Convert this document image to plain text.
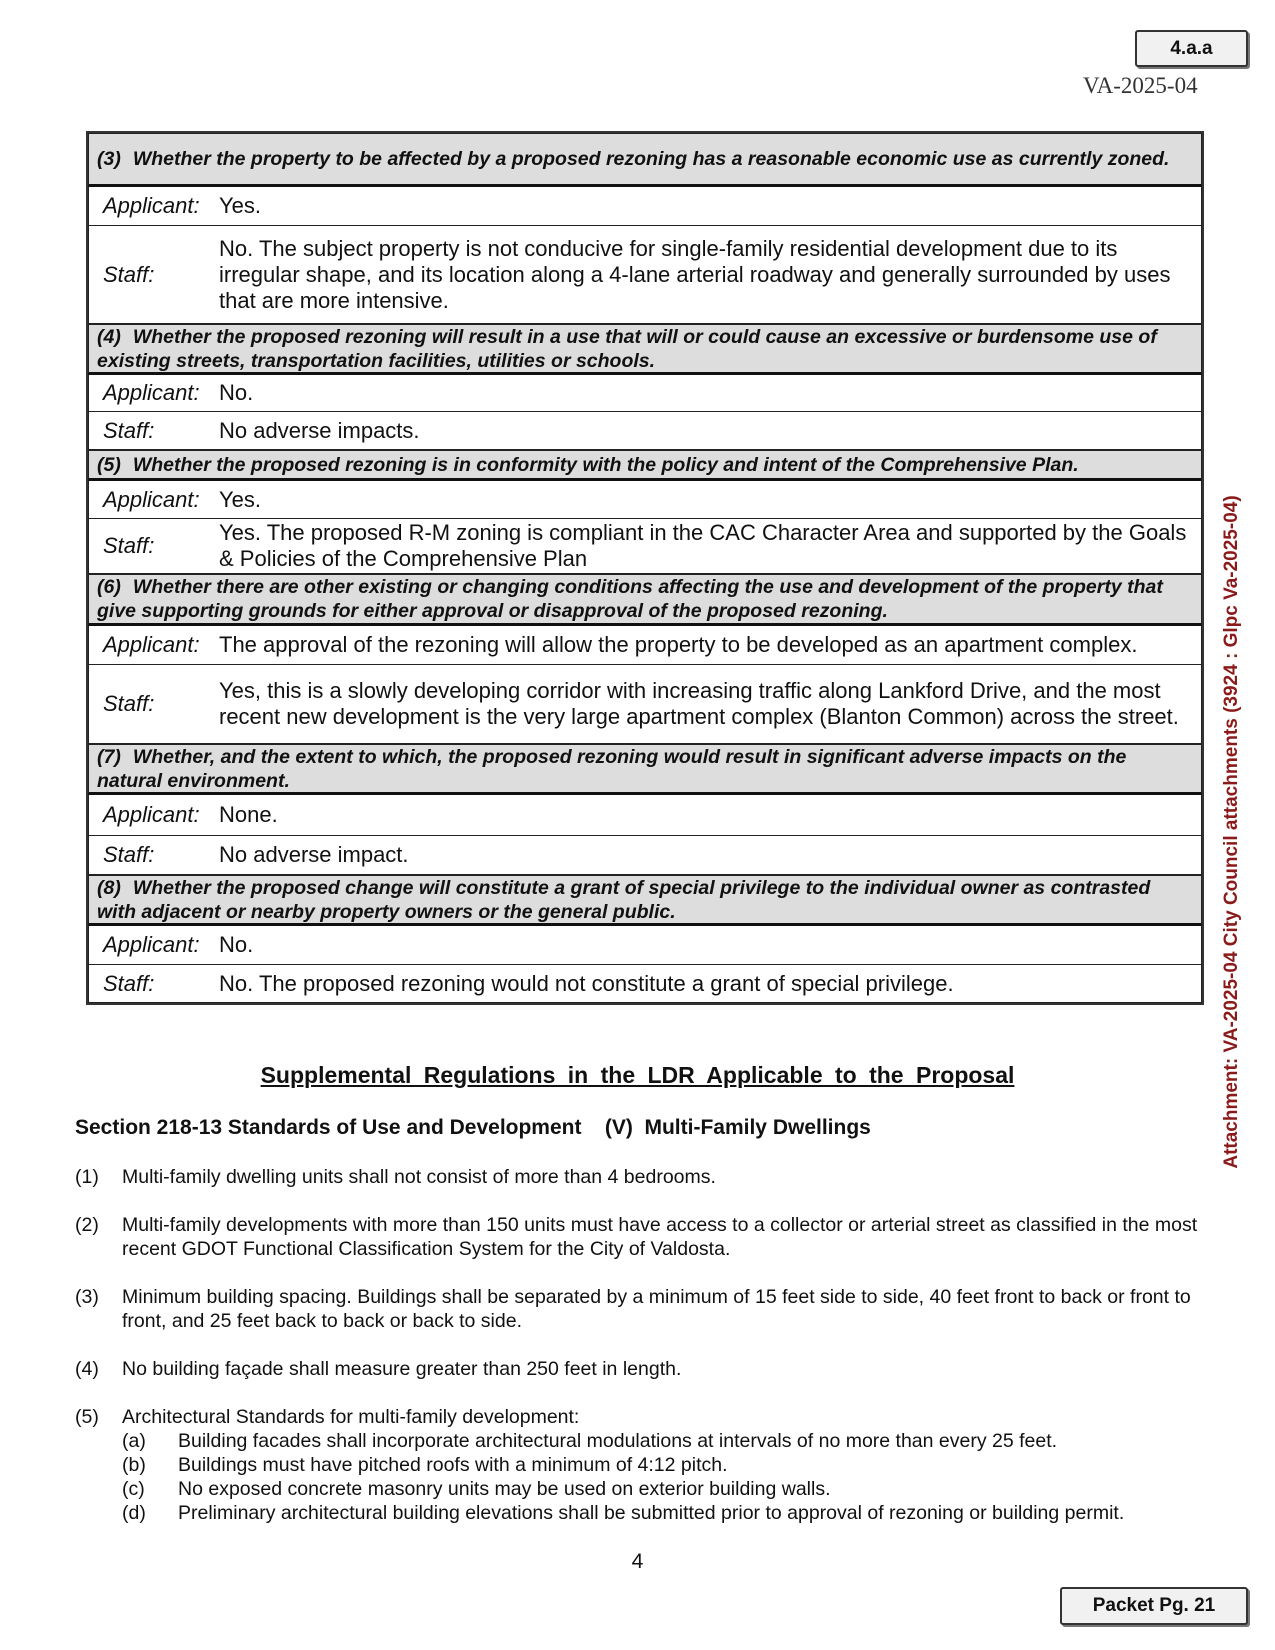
4.a.a
VA-2025-04
Attachment: VA-2025-04 City Council attachments (3924 : Glpc Va-2025-04)
(3) Whether the property to be affected by a proposed rezoning has a reasonable economic use as currently zoned.
Applicant: Yes.
Staff:
No. The subject property is not conducive for single-family residential development due to its irregular shape, and its location along a 4-lane arterial roadway and generally surrounded by uses that are more intensive.
(4) Whether the proposed rezoning will result in a use that will or could cause an excessive or burdensome use of existing streets, transportation facilities, utilities or schools.
Applicant: No.
Staff:	No adverse impacts.
(5) Whether the proposed rezoning is in conformity with the policy and intent of the Comprehensive Plan.
Applicant: Yes.
Staff:
Yes. The proposed R-M zoning is compliant in the CAC Character Area and supported by the Goals & Policies of the Comprehensive Plan
(6) Whether there are other existing or changing conditions affecting the use and development of the property that give supporting grounds for either approval or disapproval of the proposed rezoning.
Applicant: The approval of the rezoning will allow the property to be developed as an apartment complex.
Staff:
Yes, this is a slowly developing corridor with increasing traffic along Lankford Drive, and the most recent new development is the very large apartment complex (Blanton Common) across the street.
(7) Whether, and the extent to which, the proposed rezoning would result in significant adverse impacts on the natural environment.
Applicant: None.
Staff:	No adverse impact.
(8) Whether the proposed change will constitute a grant of special privilege to the individual owner as contrasted with adjacent or nearby property owners or the general public.
Applicant: No.
Staff:	No. The proposed rezoning would not constitute a grant of special privilege.
Supplemental Regulations in the LDR Applicable to the Proposal
Section 218-13 Standards of Use and Development    (V)  Multi-Family Dwellings
(1)	Multi-family dwelling units shall not consist of more than 4 bedrooms.
(2)	Multi-family developments with more than 150 units must have access to a collector or arterial street as classified in the most recent GDOT Functional Classification System for the City of Valdosta.
(3)	Minimum building spacing. Buildings shall be separated by a minimum of 15 feet side to side, 40 feet front to back or front to front, and 25 feet back to back or back to side.
(4)	No building façade shall measure greater than 250 feet in length.
(5)	Architectural Standards for multi-family development:
(a)	Building facades shall incorporate architectural modulations at intervals of no more than every 25 feet.
(b)	Buildings must have pitched roofs with a minimum of 4:12 pitch.
(c)	No exposed concrete masonry units may be used on exterior building walls.
(d)	Preliminary architectural building elevations shall be submitted prior to approval of rezoning or building permit.
4
Packet Pg. 21
